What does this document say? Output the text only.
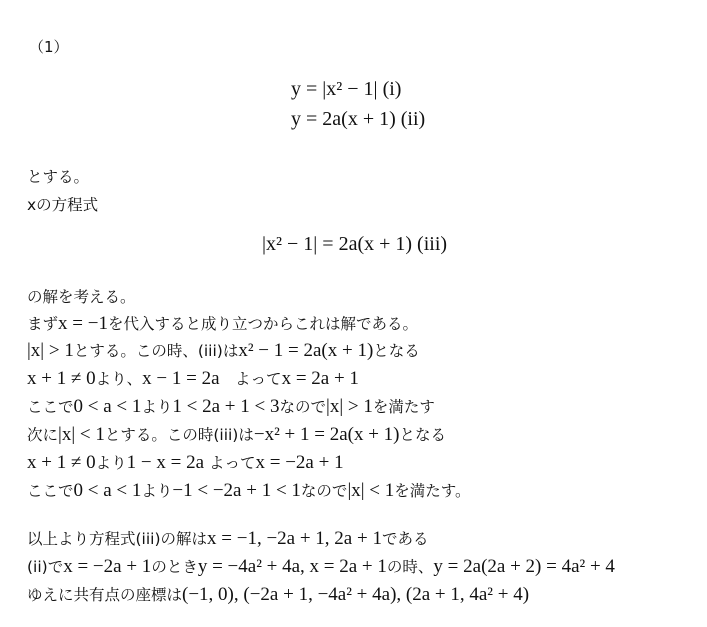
（1）
y = |x² − 1| (i)
y = 2a(x + 1) (ii)
とする。
xの方程式
|x² − 1| = 2a(x + 1) (iii)
の解を考える。
まずx = −1を代入すると成り立つからこれは解である。
|x| > 1とする。この時、(iii)はx² − 1 = 2a(x + 1)となる
x + 1 ≠ 0より、x − 1 = 2a　よってx = 2a + 1
ここで0 < a < 1より1 < 2a + 1 < 3なので|x| > 1を満たす
次に|x| < 1とする。この時(iii)は−x² + 1 = 2a(x + 1)となる
x + 1 ≠ 0より1 − x = 2a よってx = −2a + 1
ここで0 < a < 1より−1 < −2a + 1 < 1なので|x| < 1を満たす。
以上より方程式(iii)の解はx = −1, −2a + 1, 2a + 1である
(ii)でx = −2a + 1のときy = −4a² + 4a, x = 2a + 1の時、y = 2a(2a + 2) = 4a² + 4
ゆえに共有点の座標は(−1, 0), (−2a + 1, −4a² + 4a), (2a + 1, 4a² + 4)
